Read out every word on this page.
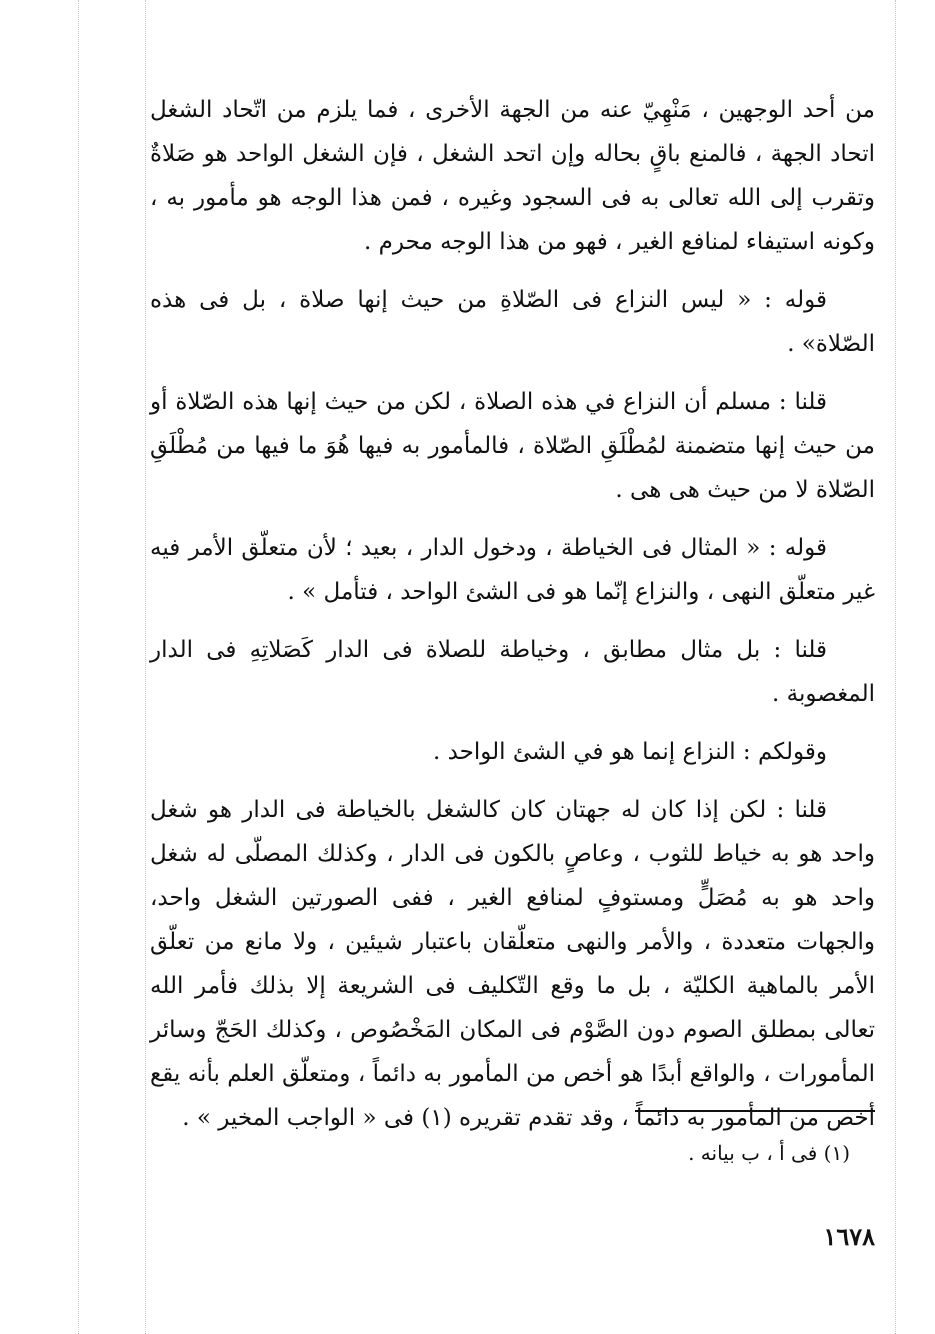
من أحد الوجهين ، مَنْهِيّ عنه من الجهة الأخرى ، فما يلزم من اتّحاد الشغل اتحاد الجهة ، فالمنع باقٍ بحاله وإن اتحد الشغل ، فإن الشغل الواحد هو صَلاةٌ وتقرب إلى الله تعالى به فى السجود وغيره ، فمن هذا الوجه هو مأمور به ، وكونه استيفاء لمنافع الغير ، فهو من هذا الوجه محرم .

قوله : « ليس النزاع فى الصّلاةِ من حيث إنها صلاة ، بل فى هذه الصّلاة» .

قلنا : مسلم أن النزاع في هذه الصلاة ، لكن من حيث إنها هذه الصّلاة أو من حيث إنها متضمنة لمُطْلَقِ الصّلاة ، فالمأمور به فيها هُوَ ما فيها من مُطْلَقِ الصّلاة لا من حيث هى هى .

قوله : « المثال فى الخياطة ، ودخول الدار ، بعيد ؛ لأن متعلّق الأمر فيه غير متعلّق النهى ، والنزاع إنّما هو فى الشئ الواحد ، فتأمل » .

قلنا : بل مثال مطابق ، وخياطة للصلاة فى الدار كَصَلاتِهِ فى الدار المغصوبة .

وقولكم : النزاع إنما هو في الشئ الواحد .

قلنا : لكن إذا كان له جهتان كان كالشغل بالخياطة فى الدار هو شغل واحد هو به خياط للثوب ، وعاصٍ بالكون فى الدار ، وكذلك المصلّى له شغل واحد هو به مُصَلٍّ ومستوفٍ لمنافع الغير ، ففى الصورتين الشغل واحد، والجهات متعددة ، والأمر والنهى متعلّقان باعتبار شيئين ، ولا مانع من تعلّق الأمر بالماهية الكليّة ، بل ما وقع التّكليف فى الشريعة إلا بذلك فأمر الله تعالى بمطلق الصوم دون الصَّوْم فى المكان المَخْصُوص ، وكذلك الحَجّ وسائر المأمورات ، والواقع أبدًا هو أخص من المأمور به دائماً ، ومتعلّق العلم بأنه يقع أخص من المأمور به دائماً ، وقد تقدم تقريره (١) فى « الواجب المخير » .

(١) فى أ ، ب بيانه .
١٦٧٨
